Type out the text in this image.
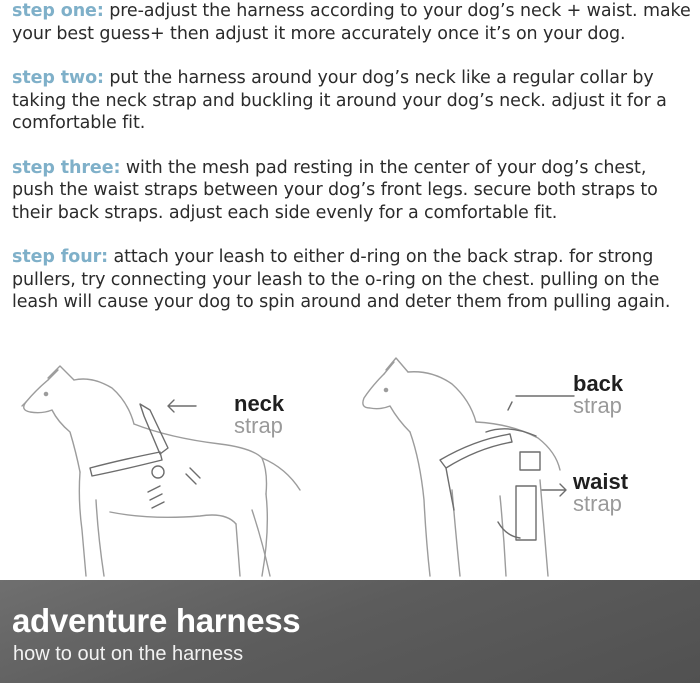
step one: pre-adjust the harness according to your dog’s neck + waist. make your best guess+ then adjust it more accurately once it’s on your dog.

step two: put the harness around your dog’s neck like a regular collar by taking the neck strap and buckling it around your dog’s neck. adjust it for a comfortable fit.

step three: with the mesh pad resting in the center of your dog’s chest, push the waist straps between your dog’s front legs. secure both straps to their back straps. adjust each side evenly for a comfortable fit.

step four: attach your leash to either d-ring on the back strap. for strong pullers, try connecting your leash to the o-ring on the chest. pulling on the leash will cause your dog to spin around and deter them from pulling again.

neck
strap
back
strap
waist
strap
adventure harness
how to out on the harness
